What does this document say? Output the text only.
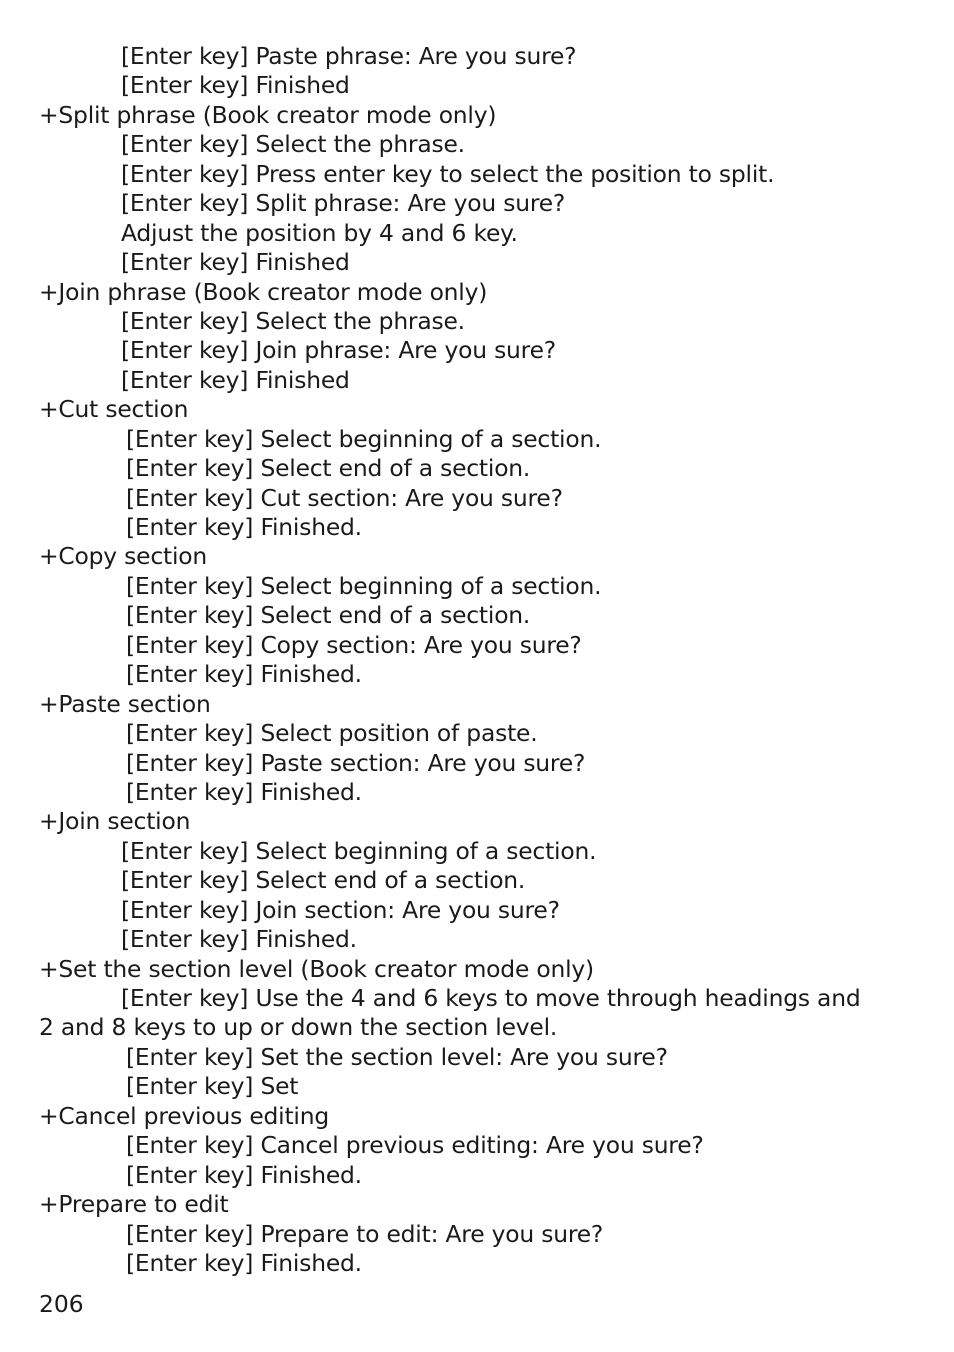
[Enter key] Paste phrase: Are you sure?
[Enter key] Finished
+Split phrase (Book creator mode only)
[Enter key] Select the phrase.
[Enter key] Press enter key to select the position to split.
[Enter key] Split phrase: Are you sure?
Adjust the position by 4 and 6 key.
[Enter key] Finished
+Join phrase (Book creator mode only)
[Enter key] Select the phrase.
[Enter key] Join phrase: Are you sure?
[Enter key] Finished
+Cut section
[Enter key] Select beginning of a section.
[Enter key] Select end of a section.
[Enter key] Cut section: Are you sure?
[Enter key] Finished.
+Copy section
[Enter key] Select beginning of a section.
[Enter key] Select end of a section.
[Enter key] Copy section: Are you sure?
[Enter key] Finished.
+Paste section
[Enter key] Select position of paste.
[Enter key] Paste section: Are you sure?
[Enter key] Finished.
+Join section
[Enter key] Select beginning of a section.
[Enter key] Select end of a section.
[Enter key] Join section: Are you sure?
[Enter key] Finished.
+Set the section level (Book creator mode only)
[Enter key] Use the 4 and 6 keys to move through headings and
2 and 8 keys to up or down the section level.
[Enter key] Set the section level: Are you sure?
[Enter key] Set
+Cancel previous editing
[Enter key] Cancel previous editing: Are you sure?
[Enter key] Finished.
+Prepare to edit
[Enter key] Prepare to edit: Are you sure?
[Enter key] Finished.
206
